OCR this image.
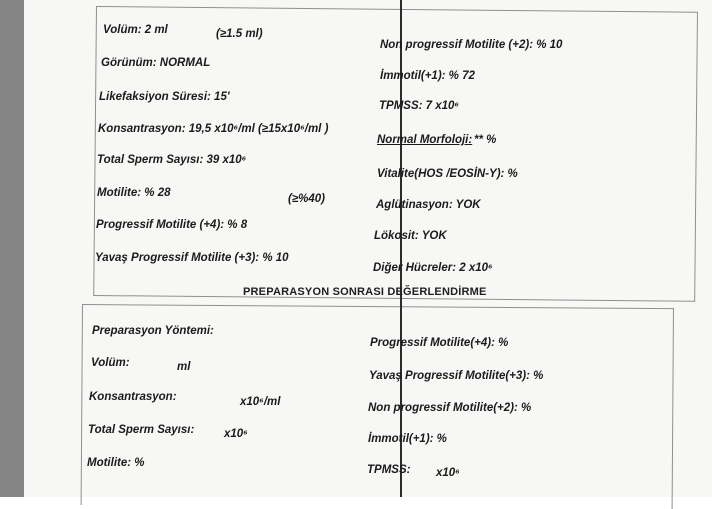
Volüm: 2 ml	(≥1.5 ml)
Görünüm: NORMAL
Likefaksiyon Süresi: 15'
Konsantrasyon: 19,5 x10⁶/ml (≥15x10⁶/ml )
Total Sperm Sayısı: 39 x10⁶
Motilite: % 28	(≥%40)
Progressif Motilite (+4): % 8
Yavaş Progressif Motilite (+3): % 10
Non progressif Motilite (+2): % 10
İmmotil(+1): % 72
TPMSS: 7 x10⁶
Normal Morfoloji: ** %
Vitalite(HOS /EOSİN-Y): %
Aglütinasyon: YOK
Lökosit: YOK
Diğer Hücreler: 2 x10⁶
PREPARASYON SONRASI DEĞERLENDİRME
Preparasyon Yöntemi:
Volüm:	ml
Konsantrasyon:	x10⁶/ml
Total Sperm Sayısı:	x10⁶
Motilite: %
Progressif Motilite(+4): %
Yavaş Progressif Motilite(+3): %
Non progressif Motilite(+2): %
İmmotil(+1): %
TPMSS: x10⁶
